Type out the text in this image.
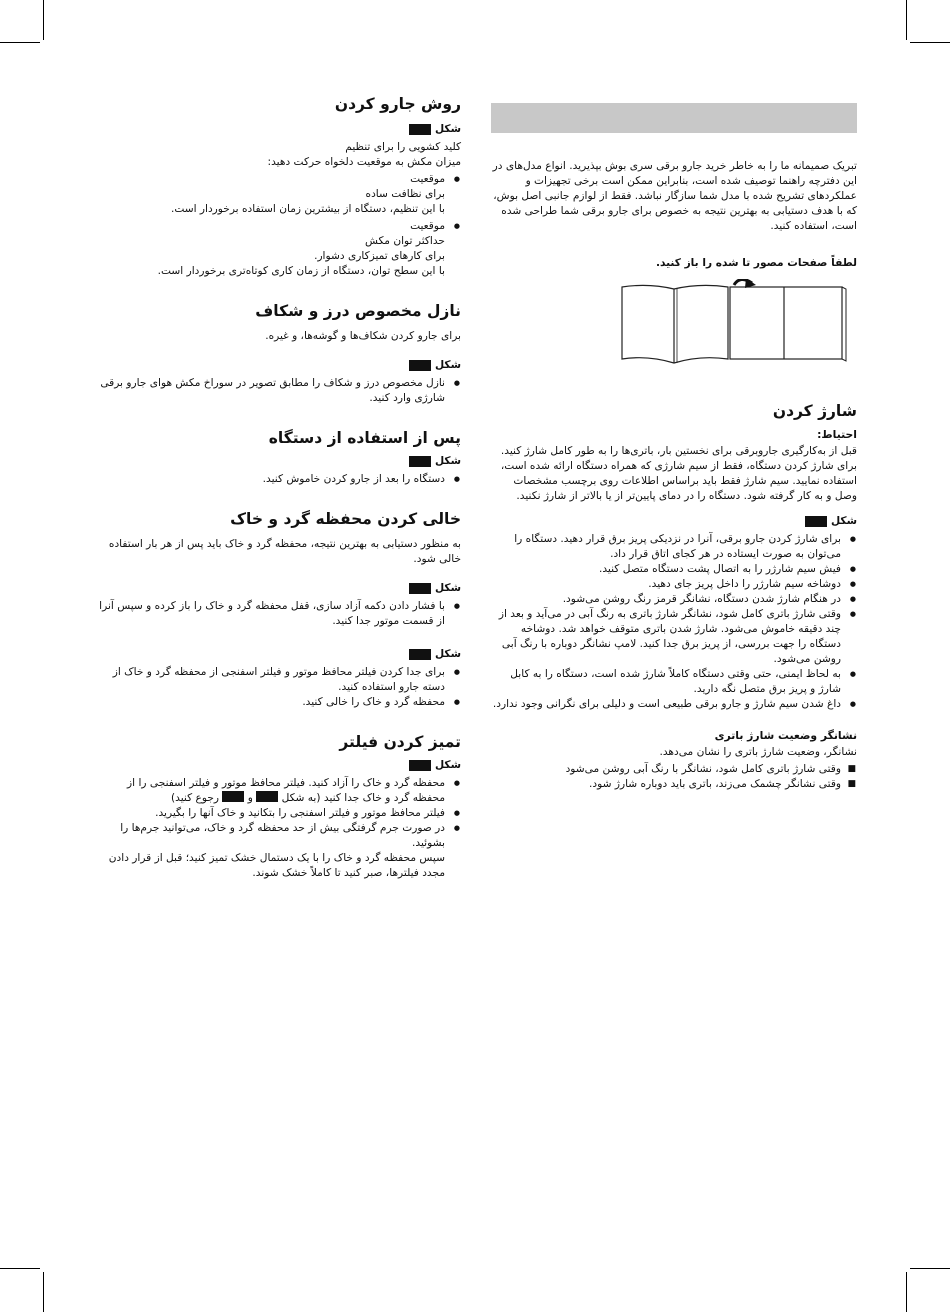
تبریک صمیمانه ما را به خاطر خرید جارو برقی سری بوش بپذیرید. انواع مدل‌های در این دفترچه راهنما توصیف شده است، بنابراین ممکن است برخی تجهیزات و عملکردهای تشریح شده با مدل شما سازگار نباشد. فقط از لوازم جانبی اصل بوش، که با هدف دستیابی به بهترین نتیجه به خصوص برای جارو برقی شما طراحی شده است، استفاده کنید.

لطفاً صفحات مصور تا شده را باز کنید.

شارژ کردن
احتیاط:

قبل از به‌کارگیری جاروبرقی برای نخستین بار، باتری‌ها را به طور کامل شارژ کنید.

برای شارژ کردن دستگاه، فقط از سیم شارژی که همراه دستگاه ارائه شده است، استفاده نمایید. سیم شارژ فقط باید براساس اطلاعات روی برچسب مشخصات وصل و به کار گرفته شود. دستگاه را در دمای پایین‌تر از یا بالاتر از شارژ نکنید.

شکل
● برای شارژ کردن جارو برقی، آنرا در نزدیکی پریز برق قرار دهید. دستگاه را می‌توان به صورت ایستاده در هر کجای اتاق قرار داد.
● فیش سیم شارژر را به اتصال پشت دستگاه متصل کنید.
● دوشاخه سیم شارژر را داخل پریز جای دهید.
● در هنگام شارژ شدن دستگاه، نشانگر قرمز رنگ روشن می‌شود.
● وقتی شارژ باتری کامل شود، نشانگر شارژ باتری به رنگ آبی در می‌آید و بعد از چند دقیقه خاموش می‌شود. شارژ شدن باتری متوقف خواهد شد. دوشاخه دستگاه را جهت بررسی، از پریز برق جدا کنید. لامپ نشانگر دوباره با رنگ آبی روشن می‌شود.
● به لحاظ ایمنی، حتی وقتی دستگاه کاملاً شارژ شده است، دستگاه را به کابل شارژ و پریز برق متصل نگه دارید.
● داغ شدن سیم شارژ و جارو برقی طبیعی است و دلیلی برای نگرانی وجود ندارد.
نشانگر وضعیت شارژ باتری

نشانگر، وضعیت شارژ باتری را نشان می‌دهد.

■ وقتی شارژ باتری کامل شود، نشانگر با رنگ آبی روشن می‌شود
■ وقتی نشانگر چشمک می‌زند، باتری باید دوباره شارژ شود.
روش جارو کردن
شکل

کلید کشویی را برای تنظیم

میزان مکش به موقعیت دلخواه حرکت دهید:

● موقعیت

برای نظافت ساده

با این تنظیم، دستگاه از بیشترین زمان استفاده برخوردار است.

● موقعیت

حداکثر توان مکش

برای کارهای تمیزکاری دشوار.

با این سطح توان، دستگاه از زمان کاری کوتاه‌تری برخوردار است.

نازل مخصوص درز و شکاف

برای جارو کردن شکاف‌ها و گوشه‌ها، و غیره.

شکل
● نازل مخصوص درز و شکاف را مطابق تصویر در سوراخ مکش هوای جارو برقی شارژی وارد کنید.
پس از استفاده از دستگاه
شکل
● دستگاه را بعد از جارو کردن خاموش کنید.
خالی کردن محفظه گرد و خاک

به منظور دستیابی به بهترین نتیجه، محفظه گرد و خاک باید پس از هر بار استفاده خالی شود.

شکل
● با فشار دادن دکمه آزاد سازی، قفل محفظه گرد و خاک را باز کرده و سپس آنرا از قسمت موتور جدا کنید.
شکل
● برای جدا کردن فیلتر محافظ موتور و فیلتر اسفنجی از محفظه گرد و خاک از دسته جارو استفاده کنید.
● محفظه گرد و خاک را خالی کنید.
تمیز کردن فیلتر
شکل
● محفظه گرد و خاک را آزاد کنید. فیلتر محافظ موتور و فیلتر اسفنجی را از محفظه گرد و خاک جدا کنید (به شکل  و  رجوع کنید)
● فیلتر محافظ موتور و فیلتر اسفنجی را بتکانید و خاک آنها را بگیرید.
● در صورت جرم گرفتگی بیش از حد محفظه گرد و خاک، می‌توانید جرم‌ها را بشوئید.

سپس محفظه گرد و خاک را با یک دستمال خشک تمیز کنید؛ قبل از قرار دادن مجدد فیلترها، صبر کنید تا کاملاً خشک شوند.
